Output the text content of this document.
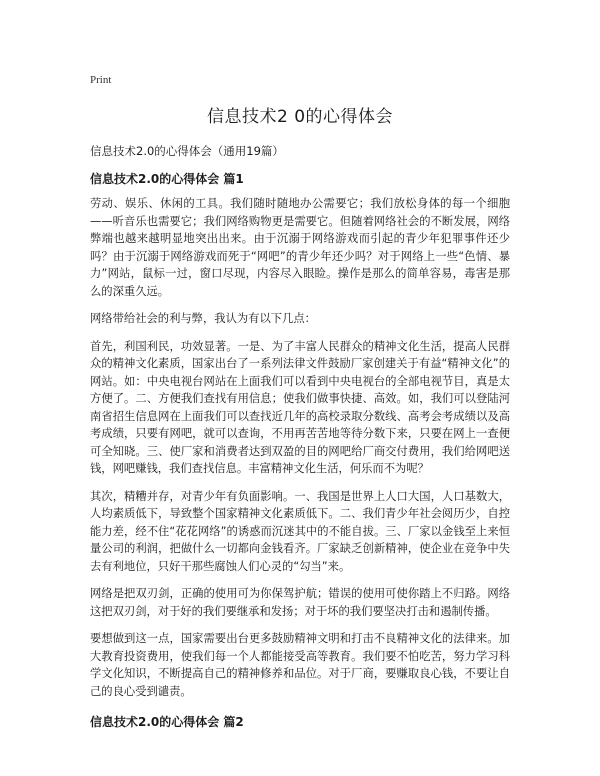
Print
信息技术2 0的心得体会

信息技术2.0的心得体会（通用19篇）

信息技术2.0的心得体会 篇1

劳动、娱乐、休闲的工具。我们随时随地办公需要它；我们放松身体的每一个细胞——听音乐也需要它；我们网络购物更是需要它。但随着网络社会的不断发展，网络弊端也越来越明显地突出出来。由于沉溺于网络游戏而引起的青少年犯罪事件还少吗？由于沉溺于网络游戏而死于“网吧”的青少年还少吗？对于网络上一些“色情、暴力”网站，鼠标一过，窗口尽现，内容尽入眼睑。操作是那么的简单容易，毒害是那么的深重久远。

网络带给社会的利与弊，我认为有以下几点：

首先，利国利民，功效显著。一是、为了丰富人民群众的精神文化生活，提高人民群众的精神文化素质，国家出台了一系列法律文件鼓励厂家创建关于有益“精神文化”的网站。如：中央电视台网站在上面我们可以看到中央电视台的全部电视节目，真是太方便了。二、方便我们查找有用信息；使我们做事快捷、高效。如，我们可以登陆河南省招生信息网在上面我们可以查找近几年的高校录取分数线、高考会考成绩以及高考成绩，只要有网吧，就可以查询，不用再苦苦地等待分数下来，只要在网上一查便可全知晓。三、使厂家和消费者达到双盈的目的网吧给厂商交付费用，我们给网吧送钱，网吧赚钱，我们查找信息。丰富精神文化生活，何乐而不为呢？

其次，精糟并存，对青少年有负面影响。一、我国是世界上人口大国，人口基数大，人均素质低下，导致整个国家精神文化素质低下。二、我们青少年社会阅历少，自控能力差，经不住“花花网络”的诱惑而沉迷其中的不能自拔。三、厂家以金钱至上来恒量公司的利润，把做什么一切都向金钱看齐。厂家缺乏创新精神，使企业在竞争中失去有利地位，只好干那些腐蚀人们心灵的“勾当”来。

网络是把双刃剑，正确的使用可为你保驾护航；错误的使用可使你踏上不归路。网络这把双刃剑，对于好的我们要继承和发扬；对于坏的我们要坚决打击和遏制传播。

要想做到这一点，国家需要出台更多鼓励精神文明和打击不良精神文化的法律来。加大教育投资费用，使我们每一个人都能接受高等教育。我们要不怕吃苦，努力学习科学文化知识，不断提高自己的精神修养和品位。对于厂商，要赚取良心钱，不要让自己的良心受到谴责。

信息技术2.0的心得体会 篇2
